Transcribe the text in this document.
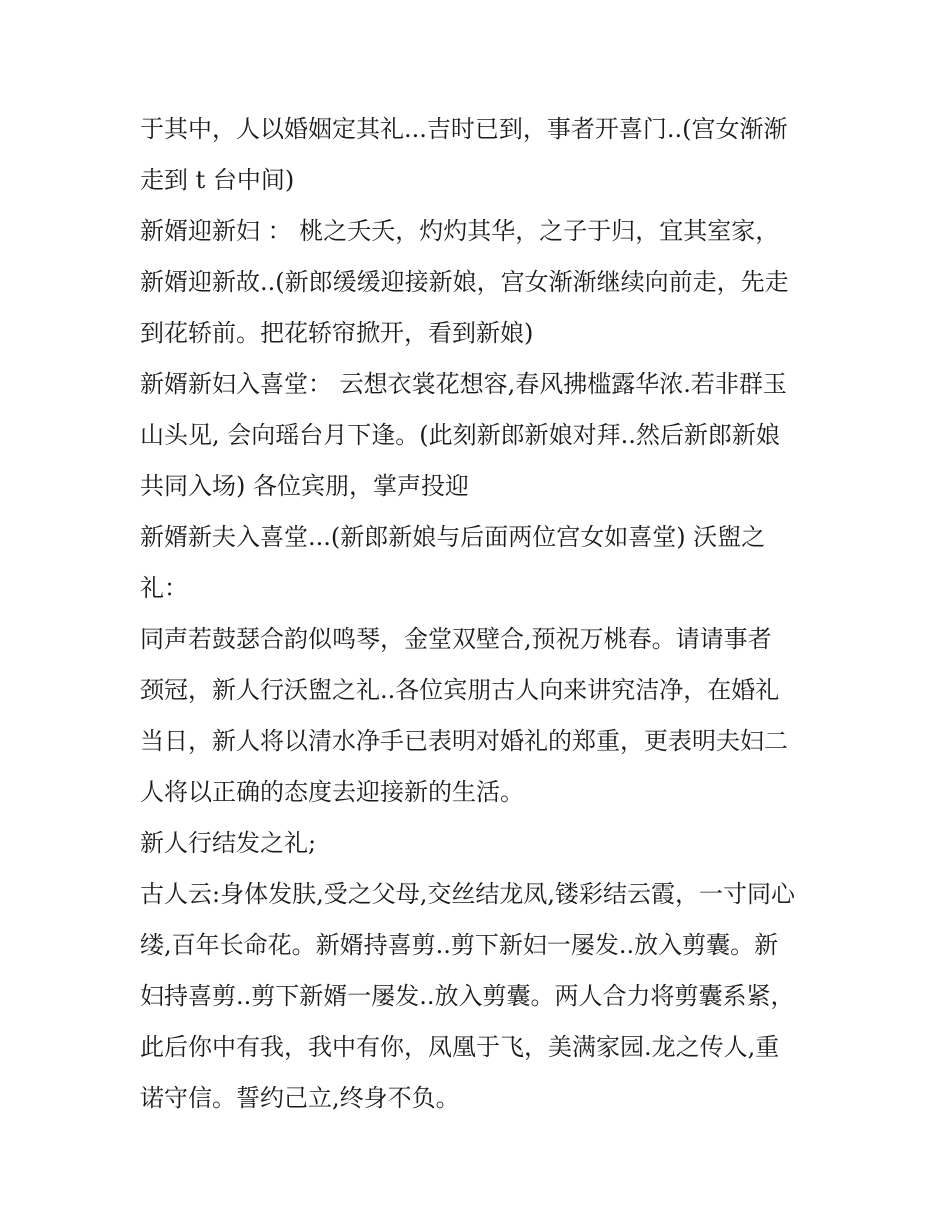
于其中，人以婚姻定其礼...吉时已到，事者开喜门..(宫女渐渐
走到 t 台中间)
新婿迎新妇 ： 桃之夭夭，灼灼其华，之子于归，宜其室家，
新婿迎新故..(新郎缓缓迎接新娘，宫女渐渐继续向前走，先走
到花轿前。把花轿帘掀开，看到新娘)
新婿新妇入喜堂： 云想衣裳花想容,春风拂槛露华浓.若非群玉
山头见, 会向瑶台月下逢。(此刻新郎新娘对拜..然后新郎新娘
共同入场) 各位宾朋，掌声投迎
新婿新夫入喜堂...(新郎新娘与后面两位宫女如喜堂) 沃盥之
礼：
同声若鼓瑟合韵似鸣琴，金堂双壁合,预祝万桃春。请请事者
颈冠，新人行沃盥之礼..各位宾朋古人向来讲究洁净，在婚礼
当日，新人将以清水净手已表明对婚礼的郑重，更表明夫妇二
人将以正确的态度去迎接新的生活。
新人行结发之礼;
古人云:身体发肤,受之父母,交丝结龙凤,镂彩结云霞，一寸同心
缕,百年长命花。新婿持喜剪..剪下新妇一屡发..放入剪囊。新
妇持喜剪..剪下新婿一屡发..放入剪囊。两人合力将剪囊系紧，
此后你中有我，我中有你，凤凰于飞，美满家园.龙之传人,重
诺守信。誓约己立,终身不负。
